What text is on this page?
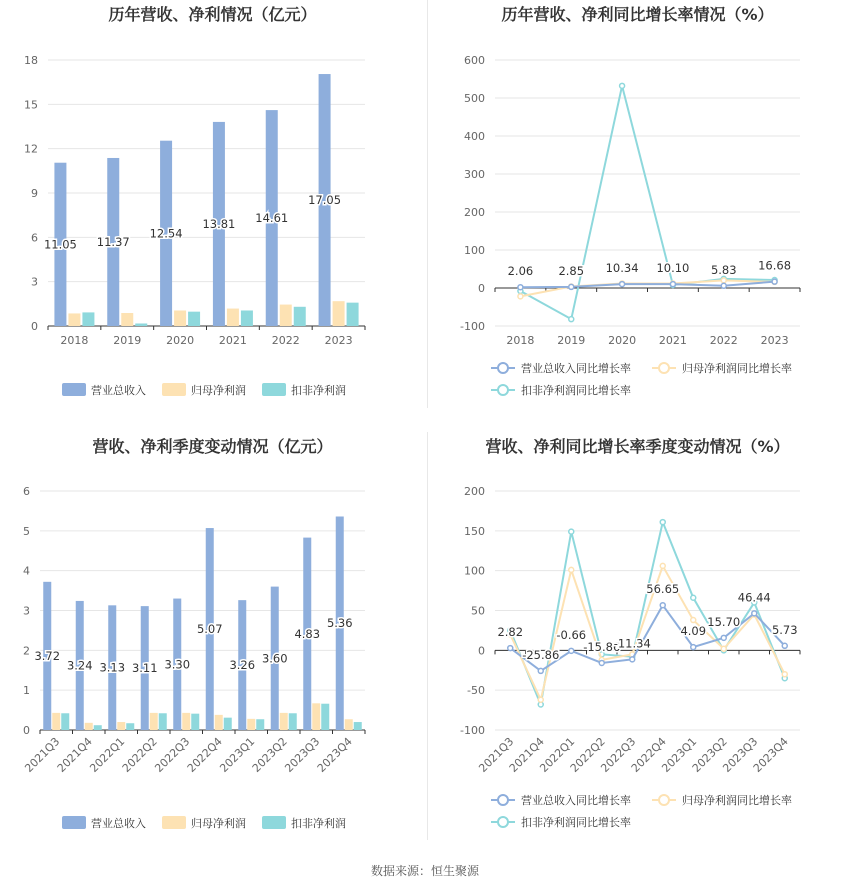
历年营收、净利情况（亿元）
0
3
6
9
12
15
18
2018 2019 2020 2021 2022 2023
11.05 11.37
12.54
13.81 14.61
17.05
营业总收入	归母净利润	扣非净利润
历年营收、净利同比增长率情况（%）
-100
0
100
200
300
400
500
600
2018 2019 2020 2021 2022 2023
2.06 2.85 10.34 10.10 5.83 16.68
营业总收入同比增长率	归母净利润同比增长率
扣非净利润同比增长率
营收、净利季度变动情况（亿元）
0
1
2
3
4
5
6
2021Q3
2021Q4
2022Q1
2022Q2
2022Q3
2022Q4
2023Q1
2023Q2
2023Q3
2023Q4
3.72
3.24 3.13 3.11 3.30
5.07
3.26 3.60
4.83
5.36
营业总收入	归母净利润	扣非净利润
营收、净利同比增长率季度变动情况（%）
-100
-50
0
50
100
150
200
2021Q3
2021Q4
2022Q1
2022Q2
2022Q3
2022Q4
2023Q1
2023Q2
2023Q3
2023Q4
2.82
-25.86
-0.66
-15.86
-11.34
56.65
4.09
15.70
46.44
5.73
营业总收入同比增长率	归母净利润同比增长率
扣非净利润同比增长率
数据来源：恒生聚源
